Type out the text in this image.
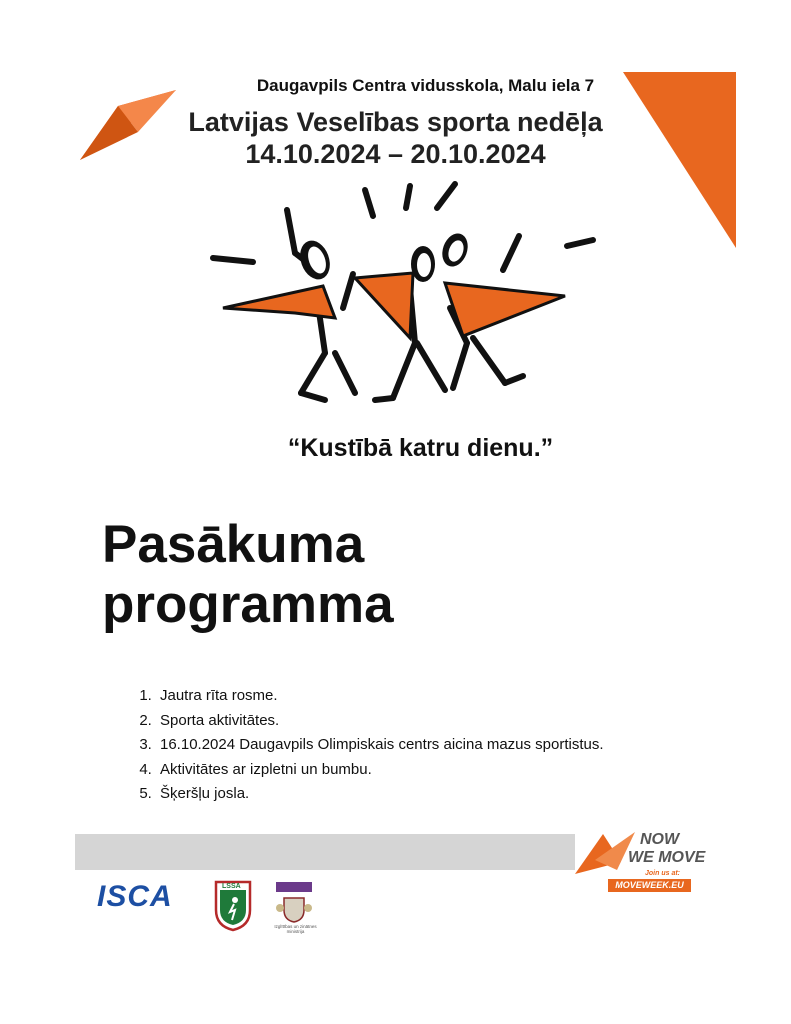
Daugavpils Centra vidusskola, Malu iela 7
Latvijas Veselības sporta nedēļa
14.10.2024 – 20.10.2024
“Kustībā katru dienu.”
Pasākuma
programma
1. Jautra rīta rosme.
2. Sporta aktivitātes.
3. 16.10.2024 Daugavpils Olimpiskais centrs aicina mazus sportistus.
4. Aktivitātes ar izpletni un bumbu.
5. Šķeršļu josla.
NOW
WE MOVE
Join us at:
MOVEWEEK.EU
ISCA	LSSA
Izglītības un zinātnes ministrija
